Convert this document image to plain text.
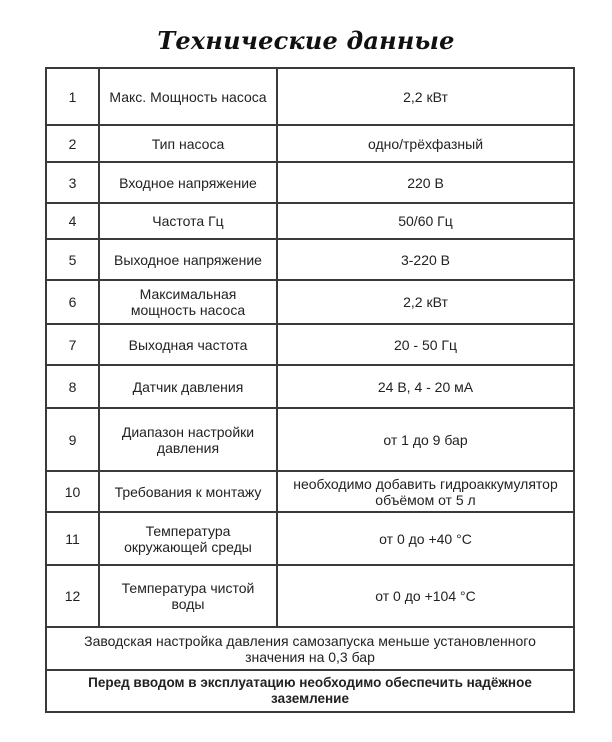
Технические данные
1	Макс. Мощность насоса	2,2 кВт
2	Тип насоса	одно/трёхфазный
3	Входное напряжение	220 В
4	Частота Гц	50/60 Гц
5	Выходное напряжение	3-220 В
6	Максимальная мощность насоса	2,2 кВт
7	Выходная частота	20 - 50 Гц
8	Датчик давления	24 В, 4 - 20 мА
9	Диапазон настройки давления	от 1 до 9 бар
10	Требования к монтажу	необходимо добавить гидроаккумулятор объёмом от 5 л
11	Температура окружающей среды	от 0 до +40 °С
12	Температура чистой воды	от 0 до +104 °С
Заводская настройка давления самозапуска меньше установленного значения на 0,3 бар		
Перед вводом в эксплуатацию необходимо обеспечить надёжное заземление		
